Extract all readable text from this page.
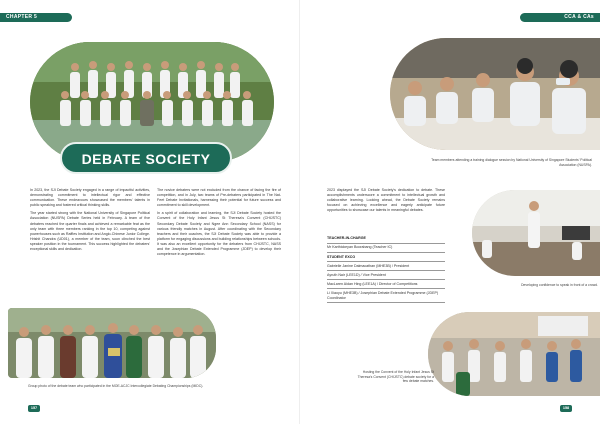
CHAPTER 5
DEBATE SOCIETY

In 2023, the SJI Debate Society engaged in a range of impactful activities, demonstrating commitment to intellectual rigor and effective communication. These endeavours showcased the members' talents in public speaking and fostered critical thinking skills.

The year started strong with the National University of Singapore Political Association (NUSPA) Debate Series held in February. A team of five debaters reached the quarter finals and achieved a remarkable feat as the only team with three members ranking in the top 10, competing against powerhouses such as Raffles Institution and Anglo-Chinese Junior College. Hrishit Chandra (UD01), a member of the team, soon clinched the best speaker position in the tournament. This success highlighted the debaters' exceptional skills and dedication.

The novice debaters were not excluded from the chance of facing the fire of competition, and in July, two teams of Pre-debaters participated in The Nat-Feet Debate Invitationals, harnessing their potential for future success and commitment to skill development.

In a spirit of collaboration and learning, the SJI Debate Society hosted the Convent of the Holy Infant Jesus St Theresa's Convent (CHIJSTC) Secondary Debate Society and Ngee Ann Secondary School (NASS) for various friendly matches in August. After coordinating with the Secondary teachers and their coaches, the SJI Debate Society was able to provide a platform for engaging discussions and building relationships between schools. It was also an excellent opportunity for the debaters from CHIJSTC, NASS and the Josephian Debate Extended Programme (JDEP) to develop their competence in argumentation.

Group photo of the debate team who participated in the MOE-ACJC Intercollegiate Debating Championships (MIDC).
157
CCA & CAs
Team members attending a training dialogue session by National University of Singapore Students' Political Association (NUSPA).

2023 displayed the SJI Debate Society's dedication to debate. These accomplishments underscore a commitment to intellectual growth and collaborative learning. Looking ahead, the Debate Society remains focused on achieving excellence and eagerly anticipate future opportunities to showcase our talents in meaningful debates.

TEACHER-IN-CHARGE
Mr Karthickeyan Boorabang (Teacher IC)
STUDENT EXCO
Gabrielle Janine Dalmacathan (MHE3B) / President
Ayruth Nair (LEE1D) / Vice President
MacLaren Aidan Hing (LEE1A) / Director of Competitions
Li Xiaoyu (MHE3B) / Josephian Debate Extended Programme (JDEP) Coordinator
Developing confidence to speak in front of a crowd.
Hosting the Convent of the Holy Infant Jesus St Theresa's Convent (CHIJSTC) debate society for a few debate matches.
158
